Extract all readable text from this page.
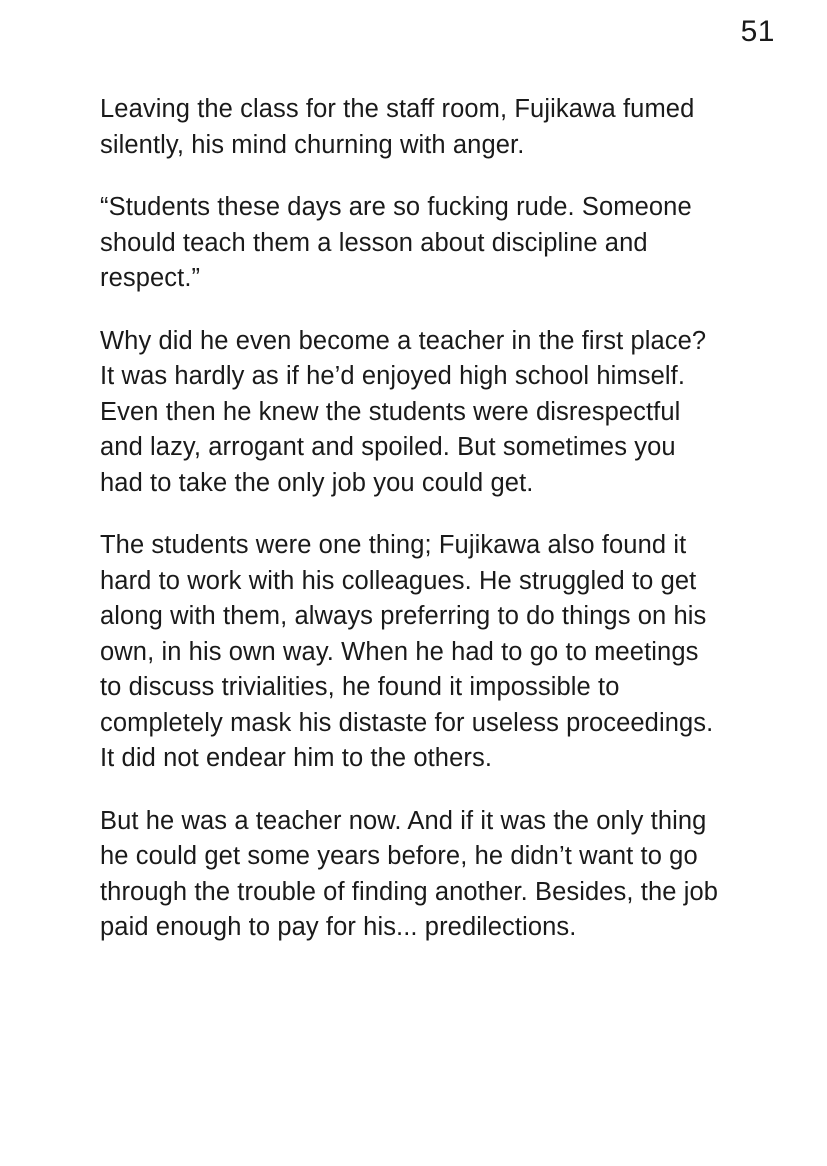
51

Leaving the class for the staff room, Fujikawa fumed silently, his mind churning with anger.

“Students these days are so fucking rude. Someone should teach them a lesson about discipline and respect.”

Why did he even become a teacher in the first place? It was hardly as if he’d enjoyed high school himself. Even then he knew the students were disrespectful and lazy, arrogant and spoiled. But sometimes you had to take the only job you could get.

The students were one thing; Fujikawa also found it hard to work with his colleagues. He struggled to get along with them, always preferring to do things on his own, in his own way. When he had to go to meetings to discuss trivialities, he found it impossible to completely mask his distaste for useless proceedings. It did not endear him to the others.

But he was a teacher now. And if it was the only thing he could get some years before, he didn’t want to go through the trouble of finding another. Besides, the job paid enough to pay for his... predilections.
